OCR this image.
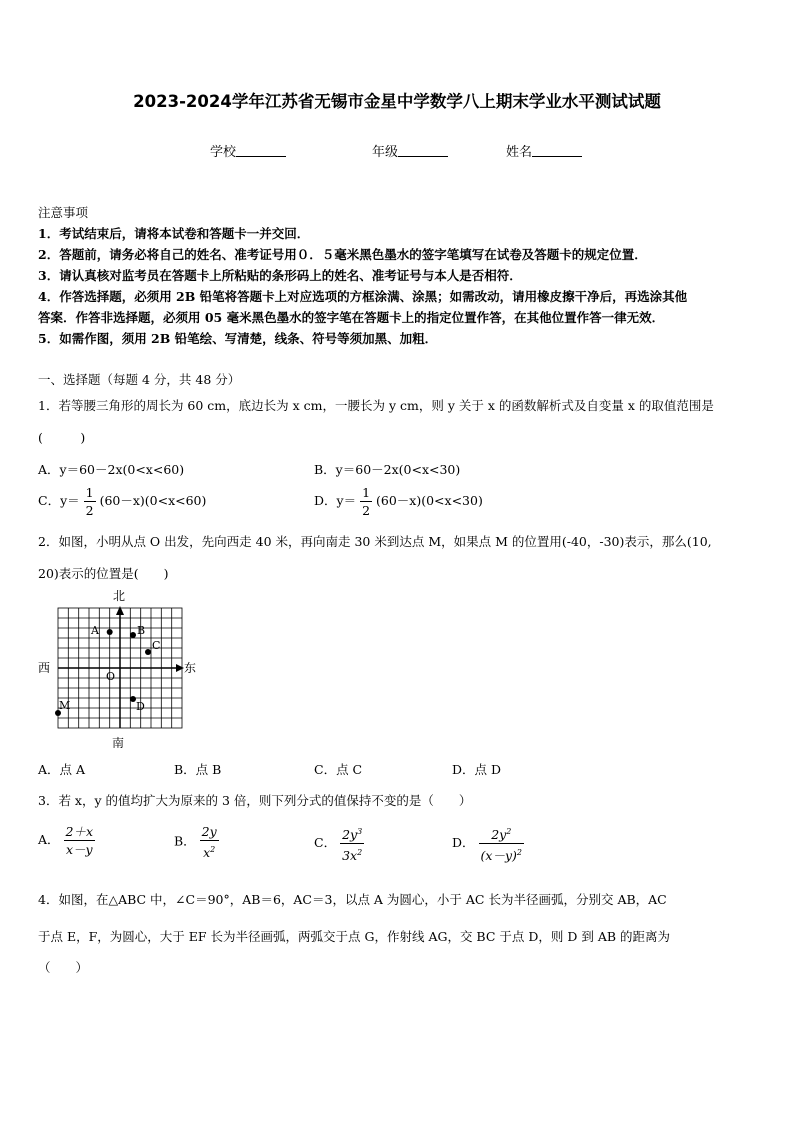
2023-2024学年江苏省无锡市金星中学数学八上期末学业水平测试试题
学校	年级	姓名
注意事项
1．考试结束后，请将本试卷和答题卡一并交回．
2．答题前，请务必将自己的姓名、准考证号用０．５毫米黑色墨水的签字笔填写在试卷及答题卡的规定位置．
3．请认真核对监考员在答题卡上所粘贴的条形码上的姓名、准考证号与本人是否相符．
4．作答选择题，必须用 2B 铅笔将答题卡上对应选项的方框涂满、涂黑；如需改动，请用橡皮擦干净后，再选涂其他
答案．作答非选择题，必须用 05 毫米黑色墨水的签字笔在答题卡上的指定位置作答，在其他位置作答一律无效．
5．如需作图，须用 2B 铅笔绘、写清楚，线条、符号等须加黑、加粗．
一、选择题（每题 4 分，共 48 分）
1．若等腰三角形的周长为 60 cm，底边长为 x cm，一腰长为 y cm，则 y 关于 x 的函数解析式及自变量 x 的取值范围是
(　　　)
A．y＝60－2x(0<x<60)	B．y＝60－2x(0<x<30)
C．$y= \frac{1}{2} (60-x)(0<x<60)$	D．$y= \frac{1}{2} (60-x)(0<x<30)$
2．如图，小明从点 O 出发，先向西走 40 米，再向南走 30 米到达点 M，如果点 M 的位置用(-40，-30)表示，那么(10,
20)表示的位置是(　　)
北
南
西	东
A	B
C
O
M	D
A．点 A	B．点 B	C．点 C	D．点 D
3．若 x，y 的值均扩大为原来的 3 倍，则下列分式的值保持不变的是（　　）
A． $\frac{2+x}{x-y}$	B． $\frac{2y}{x^2}$	C． $\frac{2y^3}{3x^2}$	D． $\frac{2y^2}{(x-y)^2}$
4．如图，在△ABC 中，∠C＝90°，AB＝6，AC＝3，以点 A 为圆心，小于 AC 长为半径画弧，分别交 AB，AC
于点 E，F，为圆心，大于 EF 长为半径画弧，两弧交于点 G，作射线 AG，交 BC 于点 D，则 D 到 AB 的距离为
（　　）
